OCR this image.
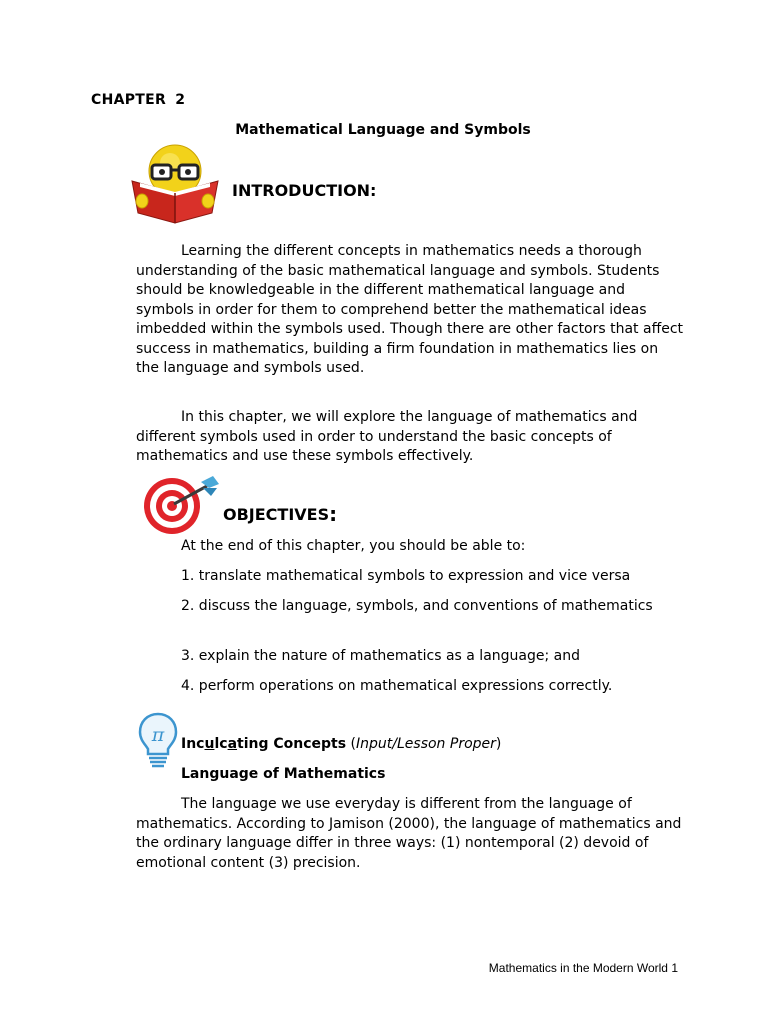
CHAPTER 2
Mathematical Language and Symbols
INTRODUCTION:
Learning the different concepts in mathematics needs a thorough understanding of the basic mathematical language and symbols. Students should be knowledgeable in the different mathematical language and symbols in order for them to comprehend better the mathematical ideas imbedded within the symbols used. Though there are other factors that affect success in mathematics, building a firm foundation in mathematics lies on the language and symbols used.
In this chapter, we will explore the language of mathematics and different symbols used in order to understand the basic concepts of mathematics and use these symbols effectively.
OBJECTIVES:
At the end of this chapter, you should be able to:
1. translate mathematical symbols to expression and vice versa
2. discuss the language, symbols, and conventions of mathematics
3. explain the nature of mathematics as a language; and
4. perform operations on mathematical expressions correctly.
π Inculcating Concepts (Input/Lesson Proper)
Language of Mathematics
The language we use everyday is different from the language of mathematics. According to Jamison (2000), the language of mathematics and the ordinary language differ in three ways: (1) nontemporal (2) devoid of emotional content (3) precision.
Mathematics in the Modern World 1
